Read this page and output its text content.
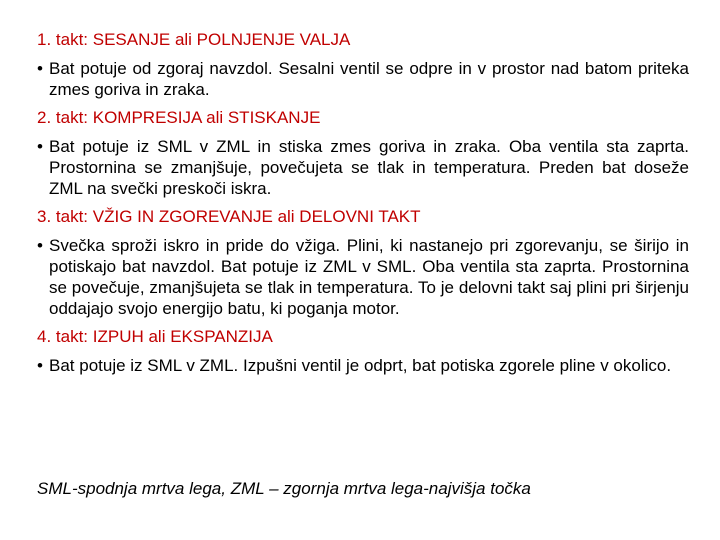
1. takt: SESANJE ali POLNJENJE VALJA
• Bat potuje od zgoraj navzdol. Sesalni ventil se odpre in v prostor nad batom priteka zmes goriva in zraka.
2. takt: KOMPRESIJA ali STISKANJE
• Bat potuje iz SML v ZML in stiska zmes goriva in zraka. Oba ventila sta zaprta. Prostornina se zmanjšuje, povečujeta se tlak in temperatura. Preden bat doseže ZML na svečki preskoči iskra.
3. takt: VŽIG IN ZGOREVANJE ali DELOVNI TAKT
• Svečka sproži iskro in pride do vžiga. Plini, ki nastanejo pri zgorevanju, se širijo in potiskajo bat navzdol. Bat potuje iz ZML v SML. Oba ventila sta zaprta. Prostornina se povečuje, zmanjšujeta se tlak in temperatura. To je delovni takt saj plini pri širjenju oddajajo svojo energijo batu, ki poganja motor.
4. takt: IZPUH ali EKSPANZIJA
• Bat potuje iz SML v ZML. Izpušni ventil je odprt, bat potiska zgorele pline v okolico.
SML-spodnja mrtva lega, ZML – zgornja mrtva lega-najvišja točka
